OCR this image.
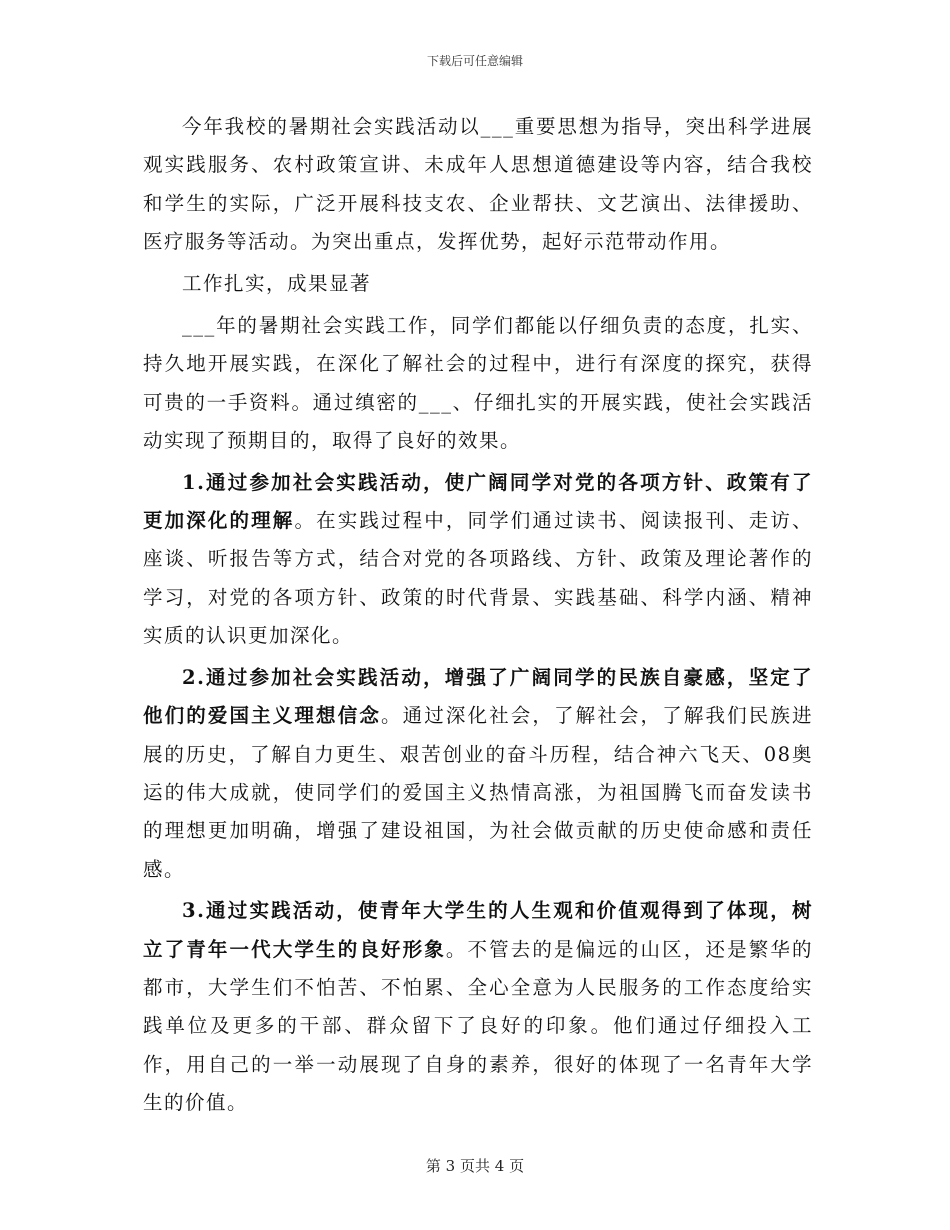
下载后可任意编辑

今年我校的暑期社会实践活动以___重要思想为指导，突出科学进展观实践服务、农村政策宣讲、未成年人思想道德建设等内容，结合我校和学生的实际，广泛开展科技支农、企业帮扶、文艺演出、法律援助、医疗服务等活动。为突出重点，发挥优势，起好示范带动作用。

工作扎实，成果显著

___年的暑期社会实践工作，同学们都能以仔细负责的态度，扎实、持久地开展实践，在深化了解社会的过程中，进行有深度的探究，获得可贵的一手资料。通过缜密的___、仔细扎实的开展实践，使社会实践活动实现了预期目的，取得了良好的效果。

1.通过参加社会实践活动，使广阔同学对党的各项方针、政策有了更加深化的理解。在实践过程中，同学们通过读书、阅读报刊、走访、座谈、听报告等方式，结合对党的各项路线、方针、政策及理论著作的学习，对党的各项方针、政策的时代背景、实践基础、科学内涵、精神实质的认识更加深化。

2.通过参加社会实践活动，增强了广阔同学的民族自豪感，坚定了他们的爱国主义理想信念。通过深化社会，了解社会，了解我们民族进展的历史，了解自力更生、艰苦创业的奋斗历程，结合神六飞天、08奥运的伟大成就，使同学们的爱国主义热情高涨，为祖国腾飞而奋发读书的理想更加明确，增强了建设祖国，为社会做贡献的历史使命感和责任感。

3.通过实践活动，使青年大学生的人生观和价值观得到了体现，树立了青年一代大学生的良好形象。不管去的是偏远的山区，还是繁华的都市，大学生们不怕苦、不怕累、全心全意为人民服务的工作态度给实践单位及更多的干部、群众留下了良好的印象。他们通过仔细投入工作，用自己的一举一动展现了自身的素养，很好的体现了一名青年大学生的价值。

第 3 页共 4 页
